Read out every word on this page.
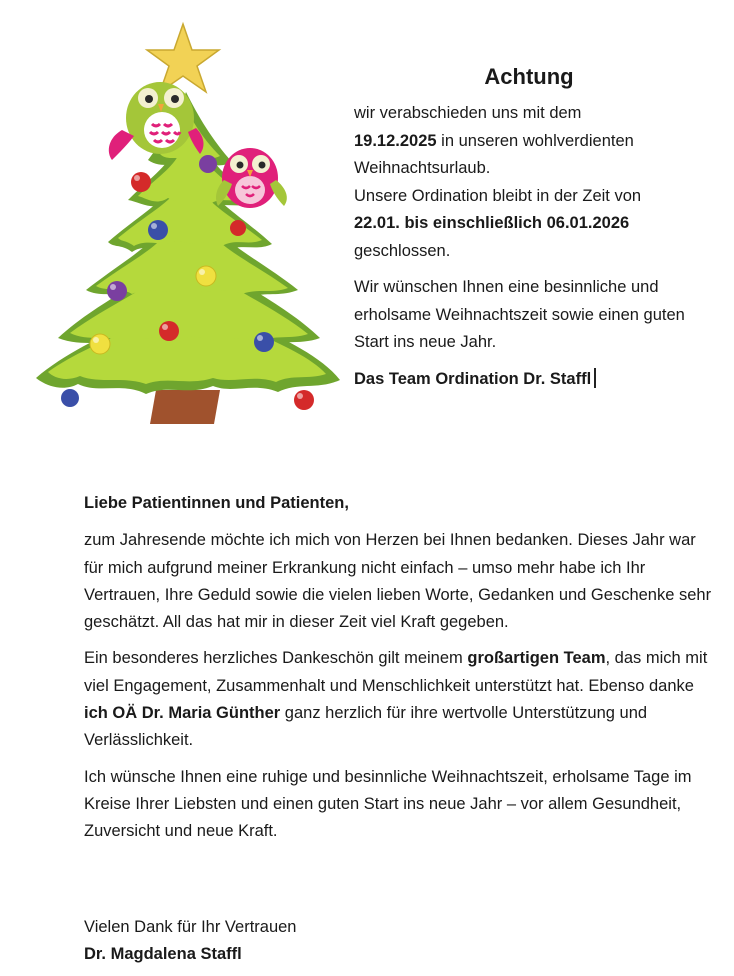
Achtung

wir verabschieden uns mit dem
19.12.2025 in unseren wohlverdienten Weihnachtsurlaub.
Unsere Ordination bleibt in der Zeit von
22.01. bis einschließlich 06.01.2026
geschlossen.

Wir wünschen Ihnen eine besinnliche und erholsame Weihnachtszeit sowie einen guten Start ins neue Jahr.

Das Team Ordination Dr. Staffl

Liebe Patientinnen und Patienten,

zum Jahresende möchte ich mich von Herzen bei Ihnen bedanken. Dieses Jahr war für mich aufgrund meiner Erkrankung nicht einfach – umso mehr habe ich Ihr Vertrauen, Ihre Geduld sowie die vielen lieben Worte, Gedanken und Geschenke sehr geschätzt. All das hat mir in dieser Zeit viel Kraft gegeben.

Ein besonderes herzliches Dankeschön gilt meinem großartigen Team, das mich mit viel Engagement, Zusammenhalt und Menschlichkeit unterstützt hat. Ebenso danke ich OÄ Dr. Maria Günther ganz herzlich für ihre wertvolle Unterstützung und Verlässlichkeit.

Ich wünsche Ihnen eine ruhige und besinnliche Weihnachtszeit, erholsame Tage im Kreise Ihrer Liebsten und einen guten Start ins neue Jahr – vor allem Gesundheit, Zuversicht und neue Kraft.

Vielen Dank für Ihr Vertrauen
Dr. Magdalena Staffl
